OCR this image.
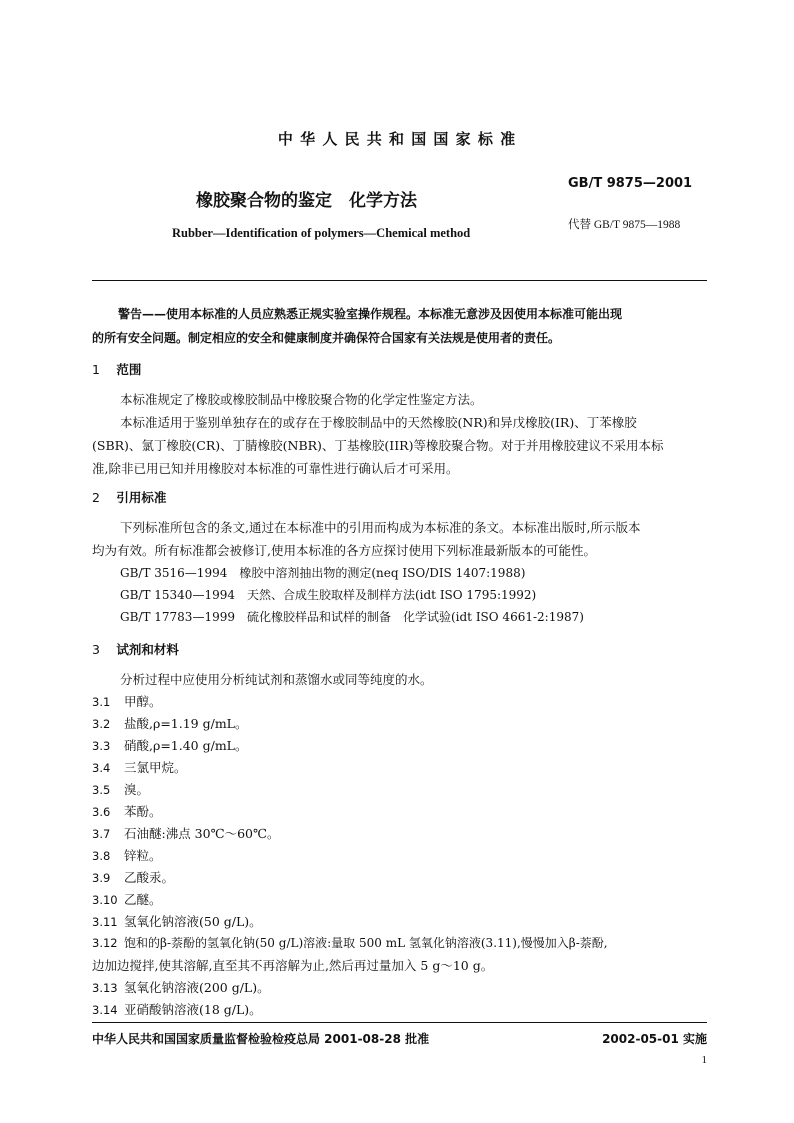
中 华 人 民 共 和 国 国 家 标 准
GB/T 9875—2001
橡胶聚合物的鉴定　化学方法
代替 GB/T 9875—1988
Rubber—Identification of polymers—Chemical method
警告——使用本标准的人员应熟悉正规实验室操作规程。本标准无意涉及因使用本标准可能出现
的所有安全问题。制定相应的安全和健康制度并确保符合国家有关法规是使用者的责任。
1 范围
本标准规定了橡胶或橡胶制品中橡胶聚合物的化学定性鉴定方法。
本标准适用于鉴别单独存在的或存在于橡胶制品中的天然橡胶(NR)和异戊橡胶(IR)、丁苯橡胶
(SBR)、氯丁橡胶(CR)、丁腈橡胶(NBR)、丁基橡胶(IIR)等橡胶聚合物。对于并用橡胶建议不采用本标
准,除非已用已知并用橡胶对本标准的可靠性进行确认后才可采用。
2 引用标准
下列标准所包含的条文,通过在本标准中的引用而构成为本标准的条文。本标准出版时,所示版本
均为有效。所有标准都会被修订,使用本标准的各方应探讨使用下列标准最新版本的可能性。
GB/T 3516—1994　橡胶中溶剂抽出物的测定(neq ISO/DIS 1407:1988)
GB/T 15340—1994　天然、合成生胶取样及制样方法(idt ISO 1795:1992)
GB/T 17783—1999　硫化橡胶样品和试样的制备　化学试验(idt ISO 4661-2:1987)
3 试剂和材料
分析过程中应使用分析纯试剂和蒸馏水或同等纯度的水。
3.1 甲醇。
3.2 盐酸,ρ=1.19 g/mL。
3.3 硝酸,ρ=1.40 g/mL。
3.4 三氯甲烷。
3.5 溴。
3.6 苯酚。
3.7 石油醚:沸点 30℃～60℃。
3.8 锌粒。
3.9 乙酸汞。
3.10 乙醚。
3.11 氢氧化钠溶液(50 g/L)。
3.12 饱和的β-萘酚的氢氧化钠(50 g/L)溶液:量取 500 mL 氢氧化钠溶液(3.11),慢慢加入β-萘酚,
边加边搅拌,使其溶解,直至其不再溶解为止,然后再过量加入 5 g～10 g。
3.13 氢氧化钠溶液(200 g/L)。
3.14 亚硝酸钠溶液(18 g/L)。
中华人民共和国国家质量监督检验检疫总局 2001-08-28 批准	2002-05-01 实施
1
